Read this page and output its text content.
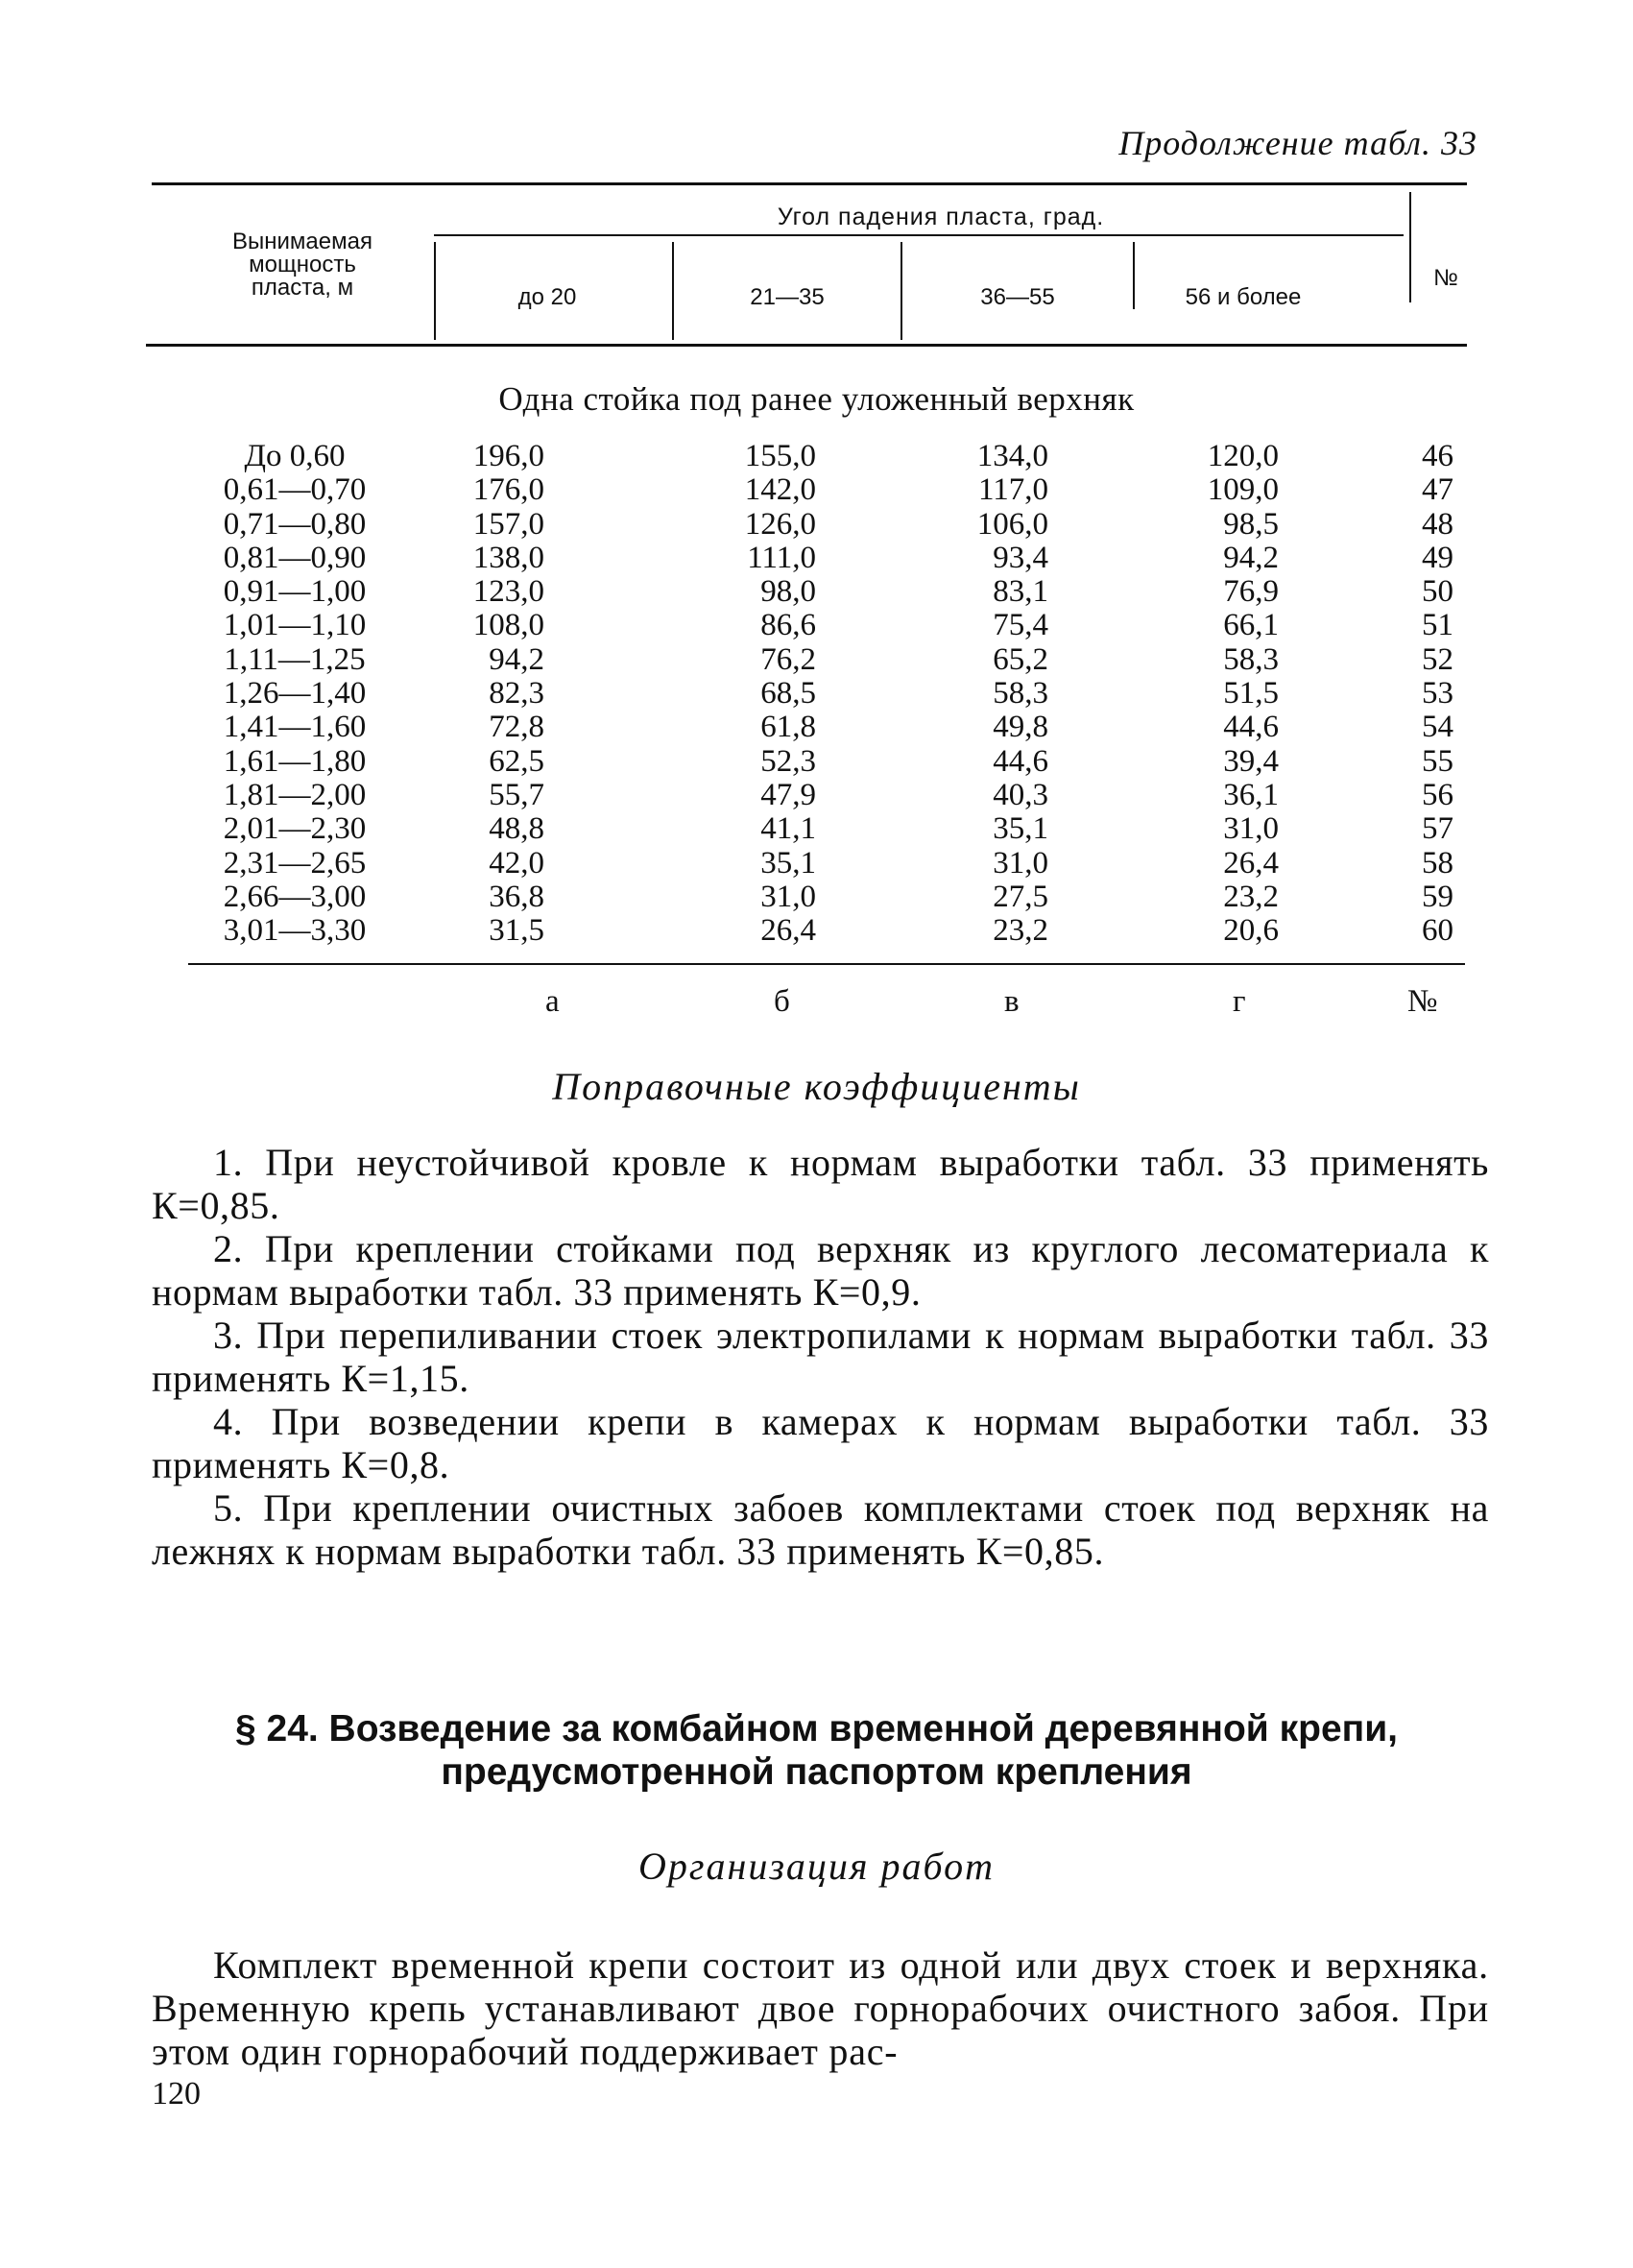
Продолжение табл. 33
Вынимаемая
мощность
пласта, м
Угол падения пласта, град.
до 20	21—35	36—55	56 и более
№
Одна стойка под ранее уложенный верхняк
До 0,60	196,0	155,0	134,0	120,0	46
0,61—0,70	176,0	142,0	117,0	109,0	47
0,71—0,80	157,0	126,0	106,0	98,5	48
0,81—0,90	138,0	111,0	93,4	94,2	49
0,91—1,00	123,0	98,0	83,1	76,9	50
1,01—1,10	108,0	86,6	75,4	66,1	51
1,11—1,25	94,2	76,2	65,2	58,3	52
1,26—1,40	82,3	68,5	58,3	51,5	53
1,41—1,60	72,8	61,8	49,8	44,6	54
1,61—1,80	62,5	52,3	44,6	39,4	55
1,81—2,00	55,7	47,9	40,3	36,1	56
2,01—2,30	48,8	41,1	35,1	31,0	57
2,31—2,65	42,0	35,1	31,0	26,4	58
2,66—3,00	36,8	31,0	27,5	23,2	59
3,01—3,30	31,5	26,4	23,2	20,6	60
а	б	в	г	№
Поправочные коэффициенты
1. При неустойчивой кровле к нормам выработки табл. 33 применять К=0,85.
2. При креплении стойками под верхняк из круглого лесоматериала к нормам выработки табл. 33 применять К=0,9.
3. При перепиливании стоек электропилами к нормам выработки табл. 33 применять К=1,15.
4. При возведении крепи в камерах к нормам выработки табл. 33 применять К=0,8.
5. При креплении очистных забоев комплектами стоек под верхняк на лежнях к нормам выработки табл. 33 применять К=0,85.
§ 24. Возведение за комбайном временной деревянной крепи,
предусмотренной паспортом крепления
Организация работ
Комплект временной крепи состоит из одной или двух стоек и верхняка. Временную крепь устанавливают двое горнорабочих очистного забоя. При этом один горнорабочий поддерживает рас-
120
